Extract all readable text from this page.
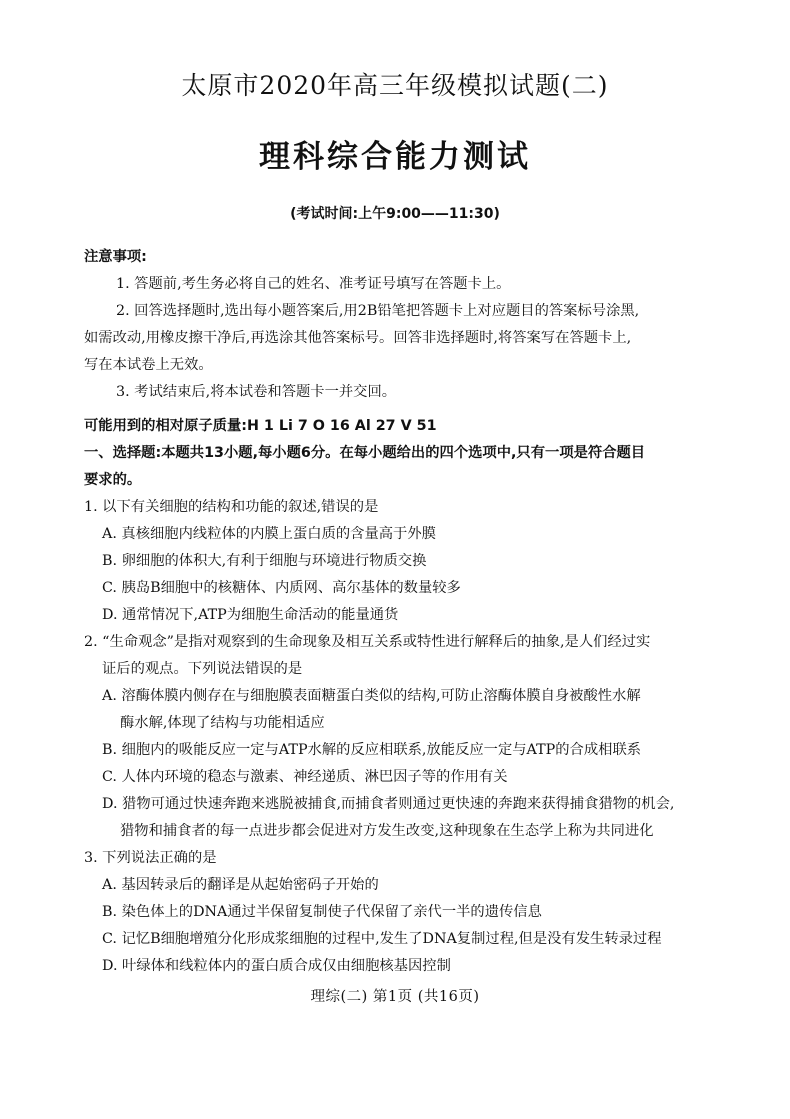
太原市2020年高三年级模拟试题(二)
理科综合能力测试
(考试时间:上午9:00——11:30)
注意事项:
1. 答题前,考生务必将自己的姓名、准考证号填写在答题卡上。
2. 回答选择题时,选出每小题答案后,用2B铅笔把答题卡上对应题目的答案标号涂黑,
如需改动,用橡皮擦干净后,再选涂其他答案标号。回答非选择题时,将答案写在答题卡上,
写在本试卷上无效。
3. 考试结束后,将本试卷和答题卡一并交回。
可能用到的相对原子质量:H 1 Li 7 O 16 Al 27 V 51
一、选择题:本题共13小题,每小题6分。在每小题给出的四个选项中,只有一项是符合题目
要求的。
1. 以下有关细胞的结构和功能的叙述,错误的是
A. 真核细胞内线粒体的内膜上蛋白质的含量高于外膜
B. 卵细胞的体积大,有利于细胞与环境进行物质交换
C. 胰岛B细胞中的核糖体、内质网、高尔基体的数量较多
D. 通常情况下,ATP为细胞生命活动的能量通货
2. “生命观念”是指对观察到的生命现象及相互关系或特性进行解释后的抽象,是人们经过实
证后的观点。下列说法错误的是
A. 溶酶体膜内侧存在与细胞膜表面糖蛋白类似的结构,可防止溶酶体膜自身被酸性水解
酶水解,体现了结构与功能相适应
B. 细胞内的吸能反应一定与ATP水解的反应相联系,放能反应一定与ATP的合成相联系
C. 人体内环境的稳态与激素、神经递质、淋巴因子等的作用有关
D. 猎物可通过快速奔跑来逃脱被捕食,而捕食者则通过更快速的奔跑来获得捕食猎物的机会,
猎物和捕食者的每一点进步都会促进对方发生改变,这种现象在生态学上称为共同进化
3. 下列说法正确的是
A. 基因转录后的翻译是从起始密码子开始的
B. 染色体上的DNA通过半保留复制使子代保留了亲代一半的遗传信息
C. 记忆B细胞增殖分化形成浆细胞的过程中,发生了DNA复制过程,但是没有发生转录过程
D. 叶绿体和线粒体内的蛋白质合成仅由细胞核基因控制
理综(二) 第1页 (共16页)
